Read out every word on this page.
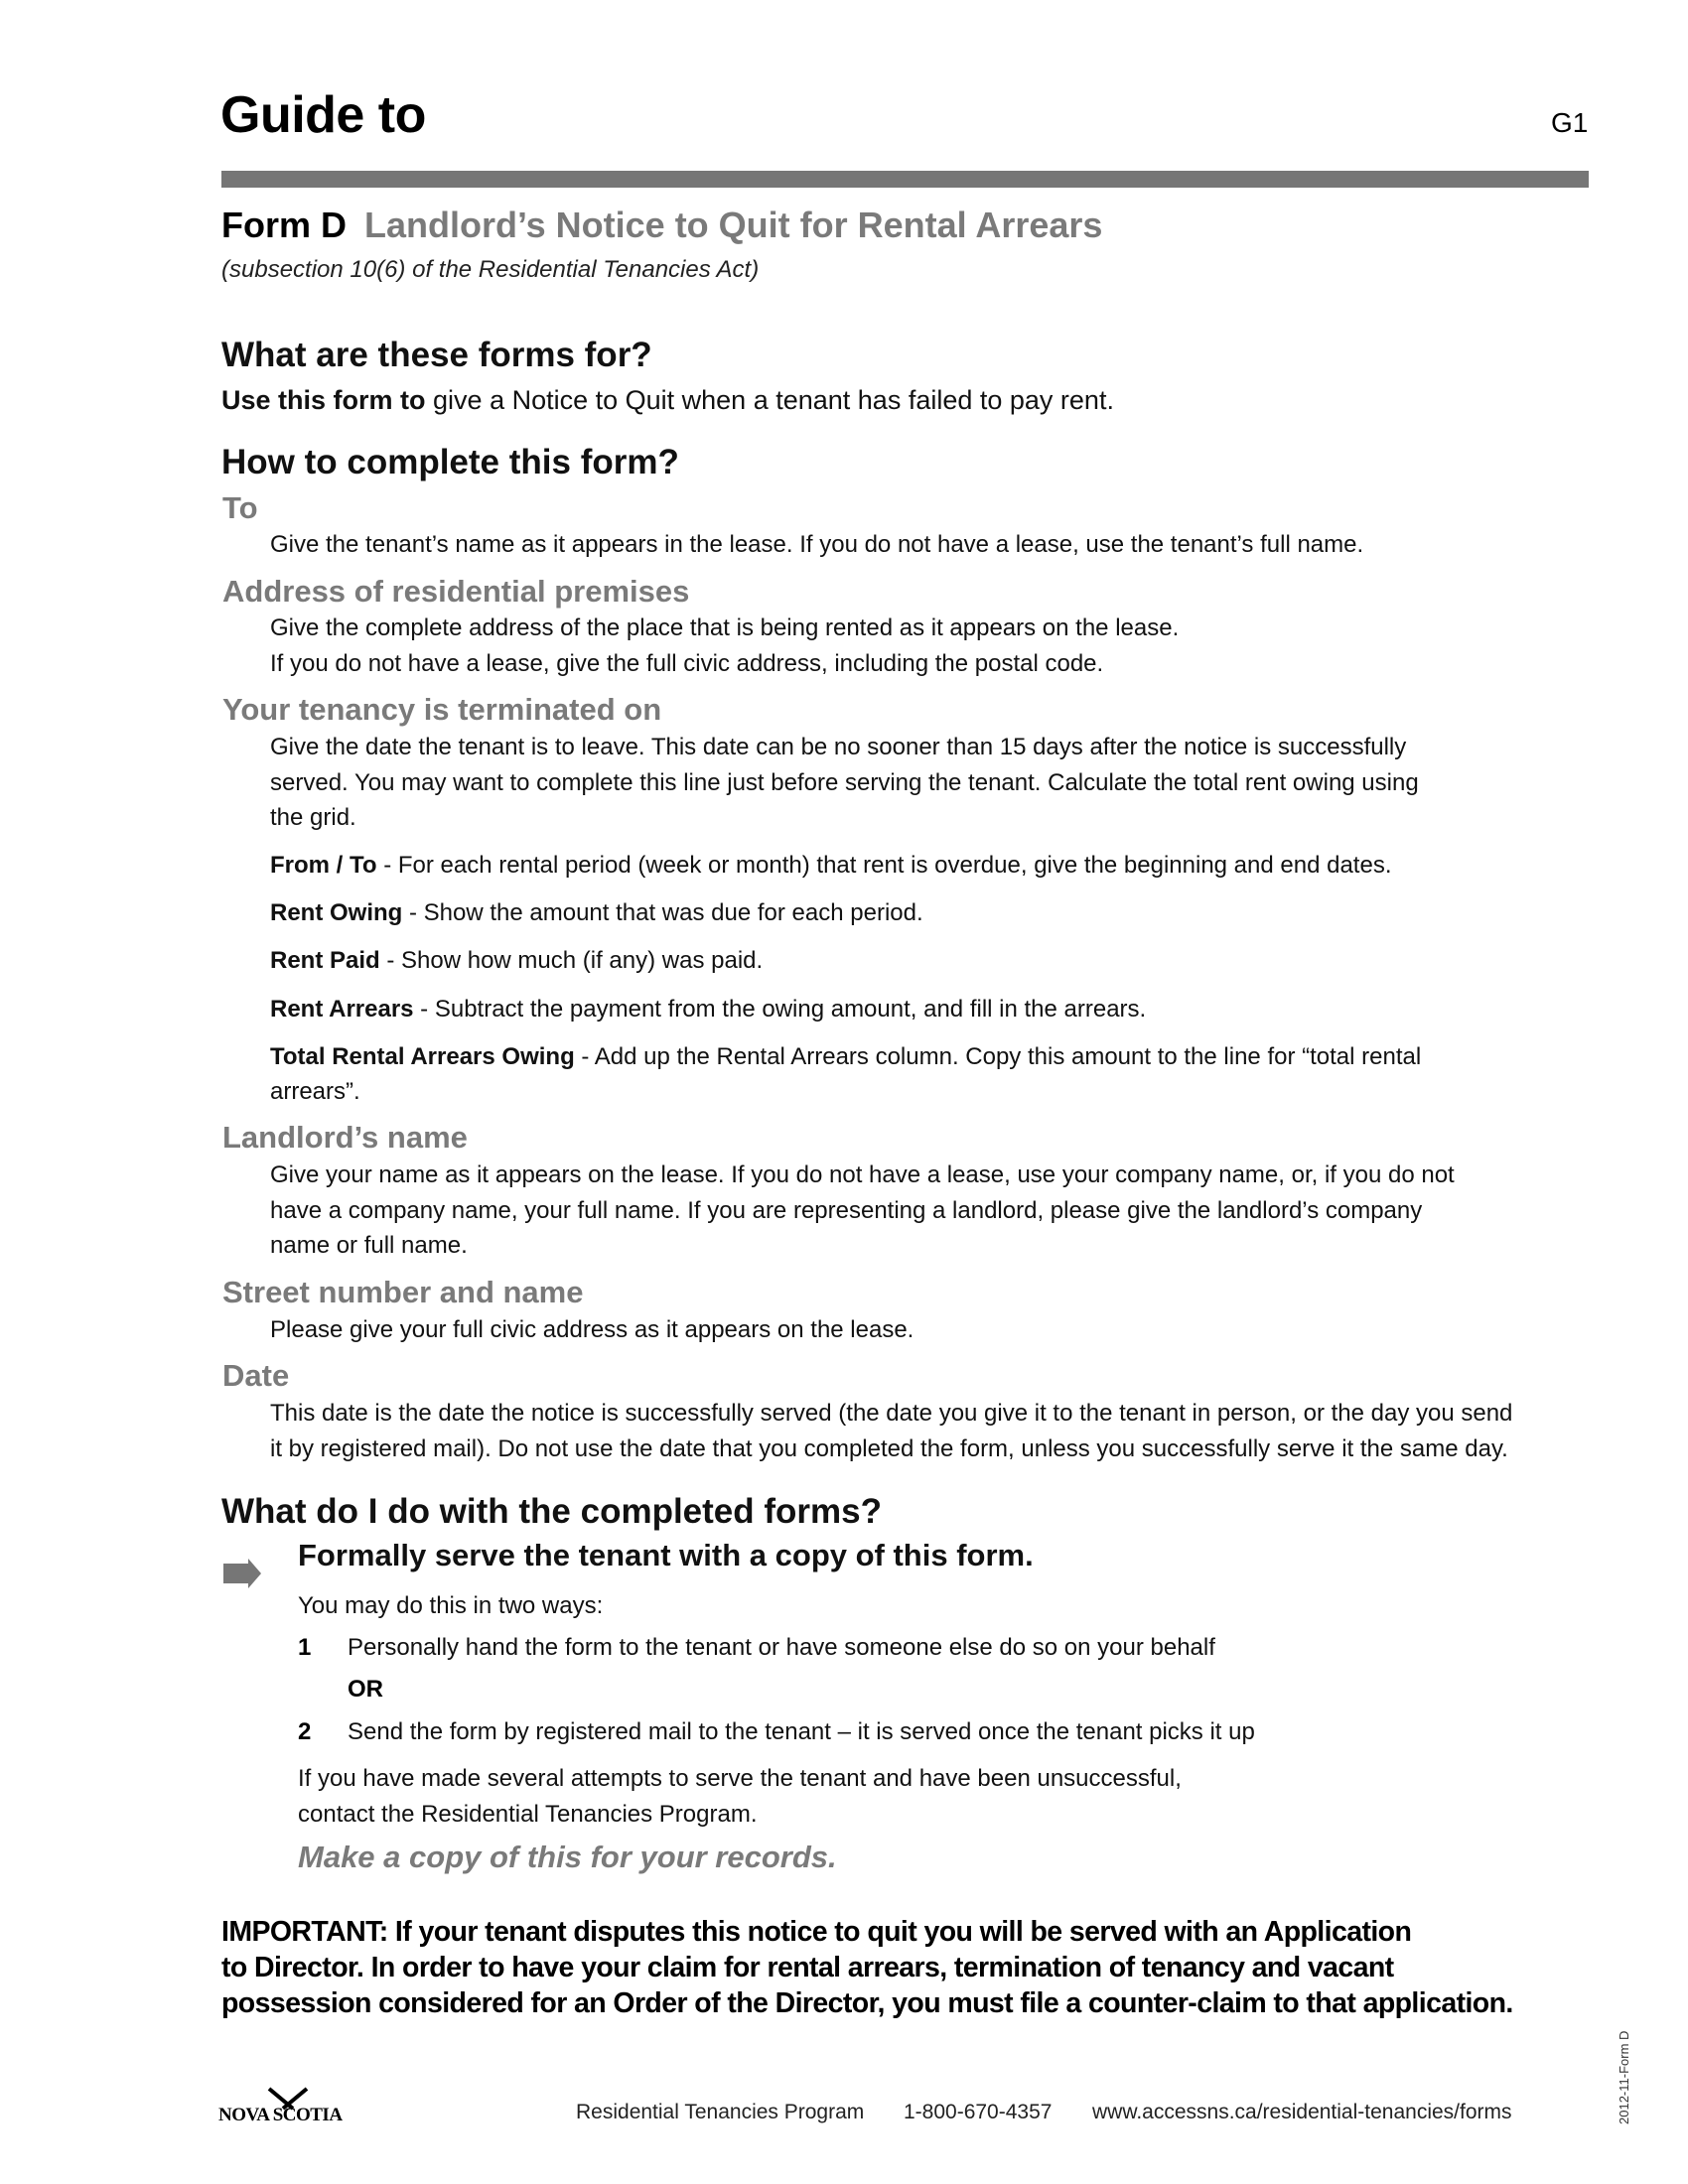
Guide to	G1
Form D Landlord’s Notice to Quit for Rental Arrears
(subsection 10(6) of the Residential Tenancies Act)
What are these forms for?
Use this form to give a Notice to Quit when a tenant has failed to pay rent.
How to complete this form?
To
Give the tenant’s name as it appears in the lease. If you do not have a lease, use the tenant’s full name.
Address of residential premises
Give the complete address of the place that is being rented as it appears on the lease.
If you do not have a lease, give the full civic address, including the postal code.
Your tenancy is terminated on
Give the date the tenant is to leave. This date can be no sooner than 15 days after the notice is successfully
served. You may want to complete this line just before serving the tenant. Calculate the total rent owing using
the grid.
From / To - For each rental period (week or month) that rent is overdue, give the beginning and end dates.
Rent Owing - Show the amount that was due for each period.
Rent Paid - Show how much (if any) was paid.
Rent Arrears - Subtract the payment from the owing amount, and fill in the arrears.
Total Rental Arrears Owing - Add up the Rental Arrears column. Copy this amount to the line for “total rental
arrears”.
Landlord’s name
Give your name as it appears on the lease. If you do not have a lease, use your company name, or, if you do not
have a company name, your full name. If you are representing a landlord, please give the landlord’s company
name or full name.
Street number and name
Please give your full civic address as it appears on the lease.
Date
This date is the date the notice is successfully served (the date you give it to the tenant in person, or the day you send
it by registered mail). Do not use the date that you completed the form, unless you successfully serve it the same day.
What do I do with the completed forms?
Formally serve the tenant with a copy of this form.
You may do this in two ways:
1 Personally hand the form to the tenant or have someone else do so on your behalf
OR
2 Send the form by registered mail to the tenant – it is served once the tenant picks it up
If you have made several attempts to serve the tenant and have been unsuccessful,
contact the Residential Tenancies Program.
Make a copy of this for your records.
IMPORTANT: If your tenant disputes this notice to quit you will be served with an Application
to Director. In order to have your claim for rental arrears, termination of tenancy and vacant
possession considered for an Order of the Director, you must file a counter-claim to that application.
NOVA SCOTIA	Residential Tenancies Program 1-800-670-4357 www.accessns.ca/residential-tenancies/forms	2012-11-Form D
